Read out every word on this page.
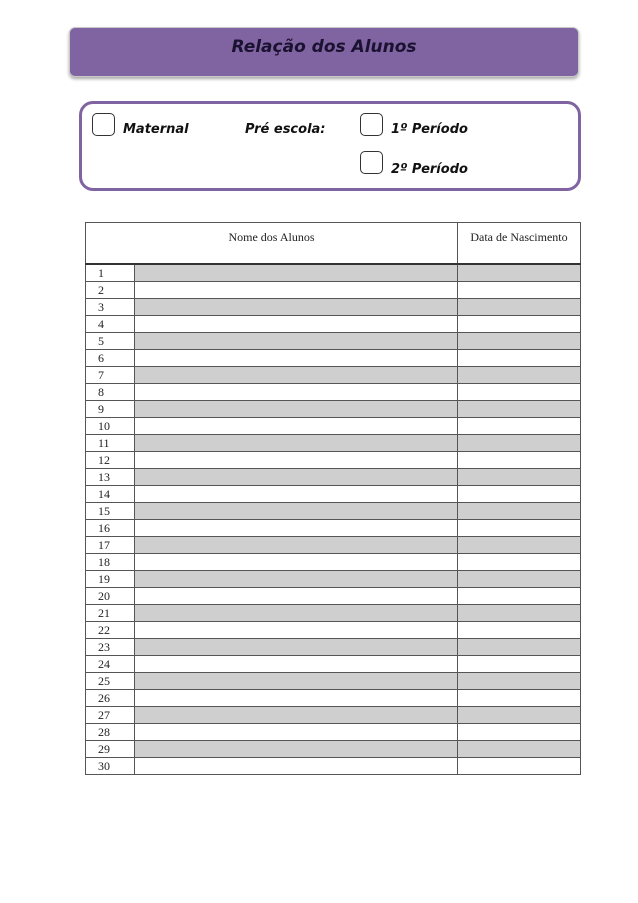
Relação dos Alunos
Maternal	Pré escola:	1º Período
2º Período
Nome dos Alunos		Data de Nascimento
1		
2		
3		
4		
5		
6		
7		
8		
9		
10		
11		
12		
13		
14		
15		
16		
17		
18		
19		
20		
21		
22		
23		
24		
25		
26		
27		
28		
29		
30		
